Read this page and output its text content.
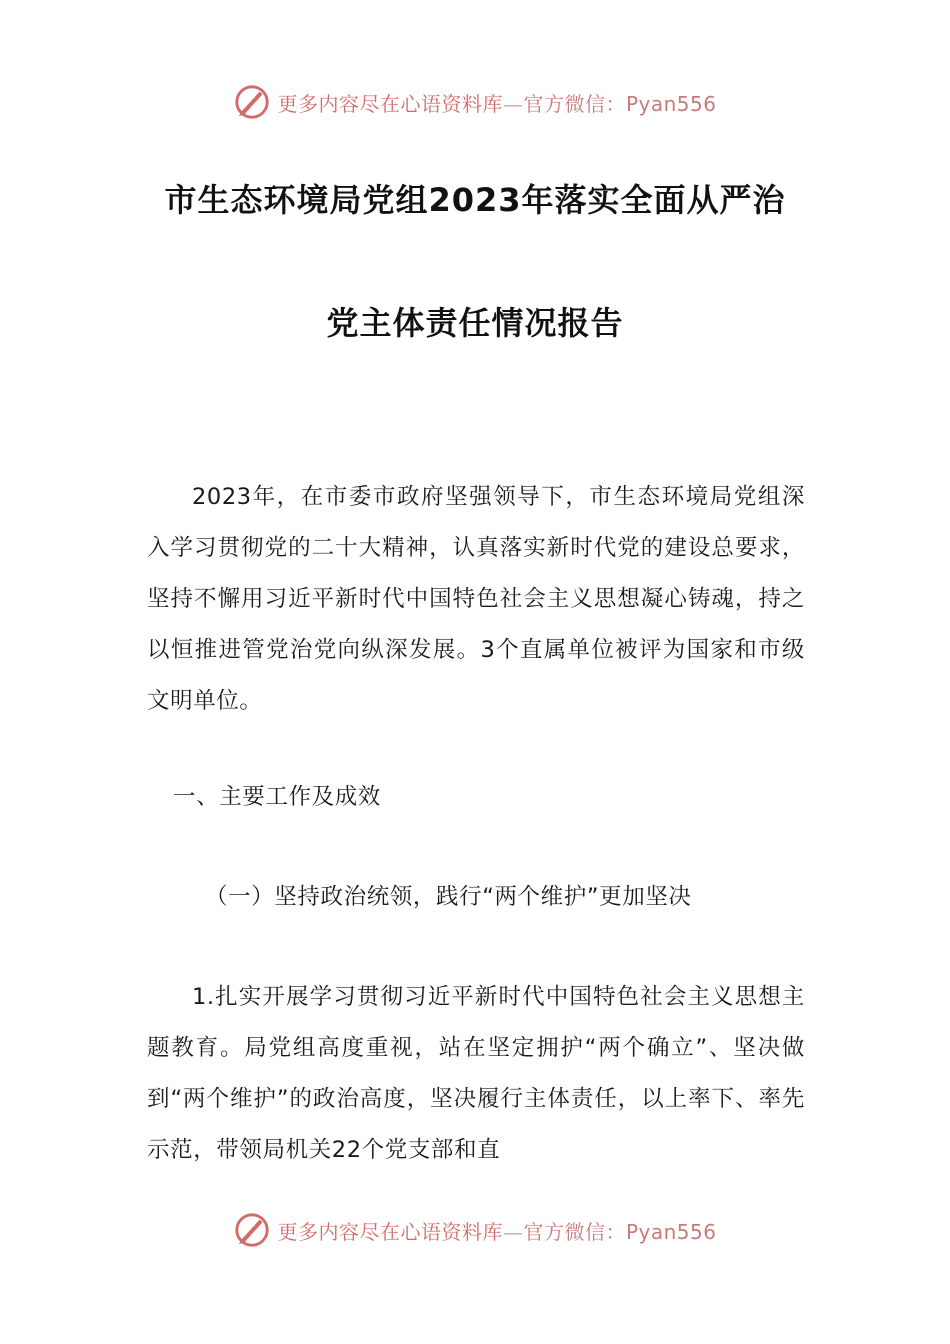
更多内容尽在心语资料库—官方微信：Pyan556
市生态环境局党组2023年落实全面从严治
党主体责任情况报告

2023年，在市委市政府坚强领导下，市生态环境局党组深入学习贯彻党的二十大精神，认真落实新时代党的建设总要求，坚持不懈用习近平新时代中国特色社会主义思想凝心铸魂，持之以恒推进管党治党向纵深发展。3个直属单位被评为国家和市级文明单位。

一、主要工作及成效
（一）坚持政治统领，践行“两个维护”更加坚决

1.扎实开展学习贯彻习近平新时代中国特色社会主义思想主题教育。局党组高度重视，站在坚定拥护“两个确立”、坚决做到“两个维护”的政治高度，坚决履行主体责任，以上率下、率先示范，带领局机关22个党支部和直

更多内容尽在心语资料库—官方微信：Pyan556
